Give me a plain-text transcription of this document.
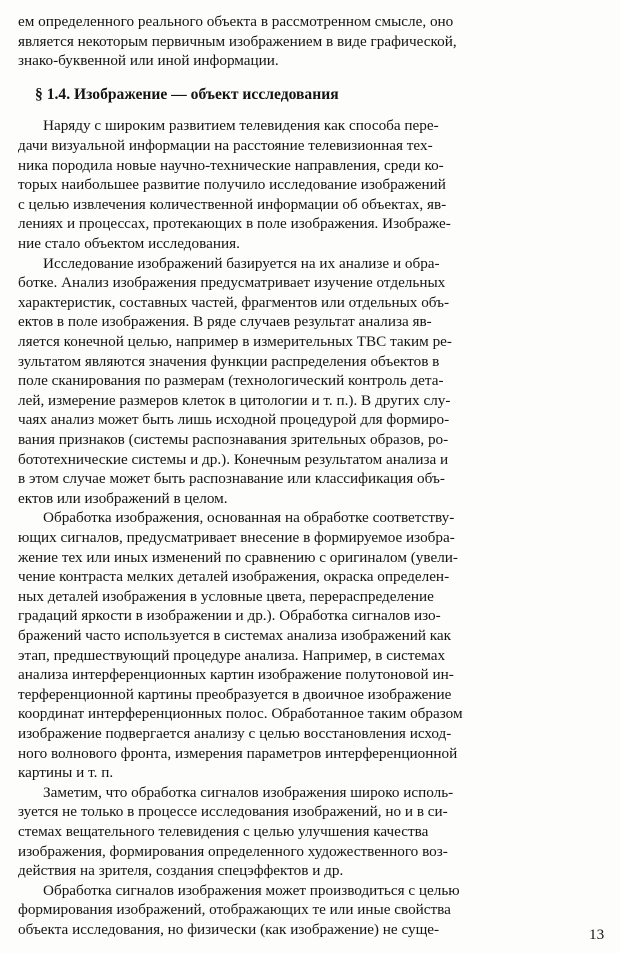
ем определенного реального объекта в рассмотренном смысле, оно
является некоторым первичным изображением в виде графической,
знако-буквенной или иной информации.
§ 1.4. Изображение — объект исследования
Наряду с широким развитием телевидения как способа пере-
дачи визуальной информации на расстояние телевизионная тех-
ника породила новые научно-технические направления, среди ко-
торых наибольшее развитие получило исследование изображений
с целью извлечения количественной информации об объектах, яв-
лениях и процессах, протекающих в поле изображения. Изображе-
ние стало объектом исследования.
Исследование изображений базируется на их анализе и обра-
ботке. Анализ изображения предусматривает изучение отдельных
характеристик, составных частей, фрагментов или отдельных объ-
ектов в поле изображения. В ряде случаев результат анализа яв-
ляется конечной целью, например в измерительных ТВС таким ре-
зультатом являются значения функции распределения объектов в
поле сканирования по размерам (технологический контроль дета-
лей, измерение размеров клеток в цитологии и т. п.). В других слу-
чаях анализ может быть лишь исходной процедурой для формиро-
вания признаков (системы распознавания зрительных образов, ро-
бототехнические системы и др.). Конечным результатом анализа и
в этом случае может быть распознавание или классификация объ-
ектов или изображений в целом.
Обработка изображения, основанная на обработке соответству-
ющих сигналов, предусматривает внесение в формируемое изобра-
жение тех или иных изменений по сравнению с оригиналом (увели-
чение контраста мелких деталей изображения, окраска определен-
ных деталей изображения в условные цвета, перераспределение
градаций яркости в изображении и др.). Обработка сигналов изо-
бражений часто используется в системах анализа изображений как
этап, предшествующий процедуре анализа. Например, в системах
анализа интерференционных картин изображение полутоновой ин-
терференционной картины преобразуется в двоичное изображение
координат интерференционных полос. Обработанное таким образом
изображение подвергается анализу с целью восстановления исход-
ного волнового фронта, измерения параметров интерференционной
картины и т. п.
Заметим, что обработка сигналов изображения широко исполь-
зуется не только в процессе исследования изображений, но и в си-
стемах вещательного телевидения с целью улучшения качества
изображения, формирования определенного художественного воз-
действия на зрителя, создания спецэффектов и др.
Обработка сигналов изображения может производиться с целью
формирования изображений, отображающих те или иные свойства
объекта исследования, но физически (как изображение) не суще-	13
